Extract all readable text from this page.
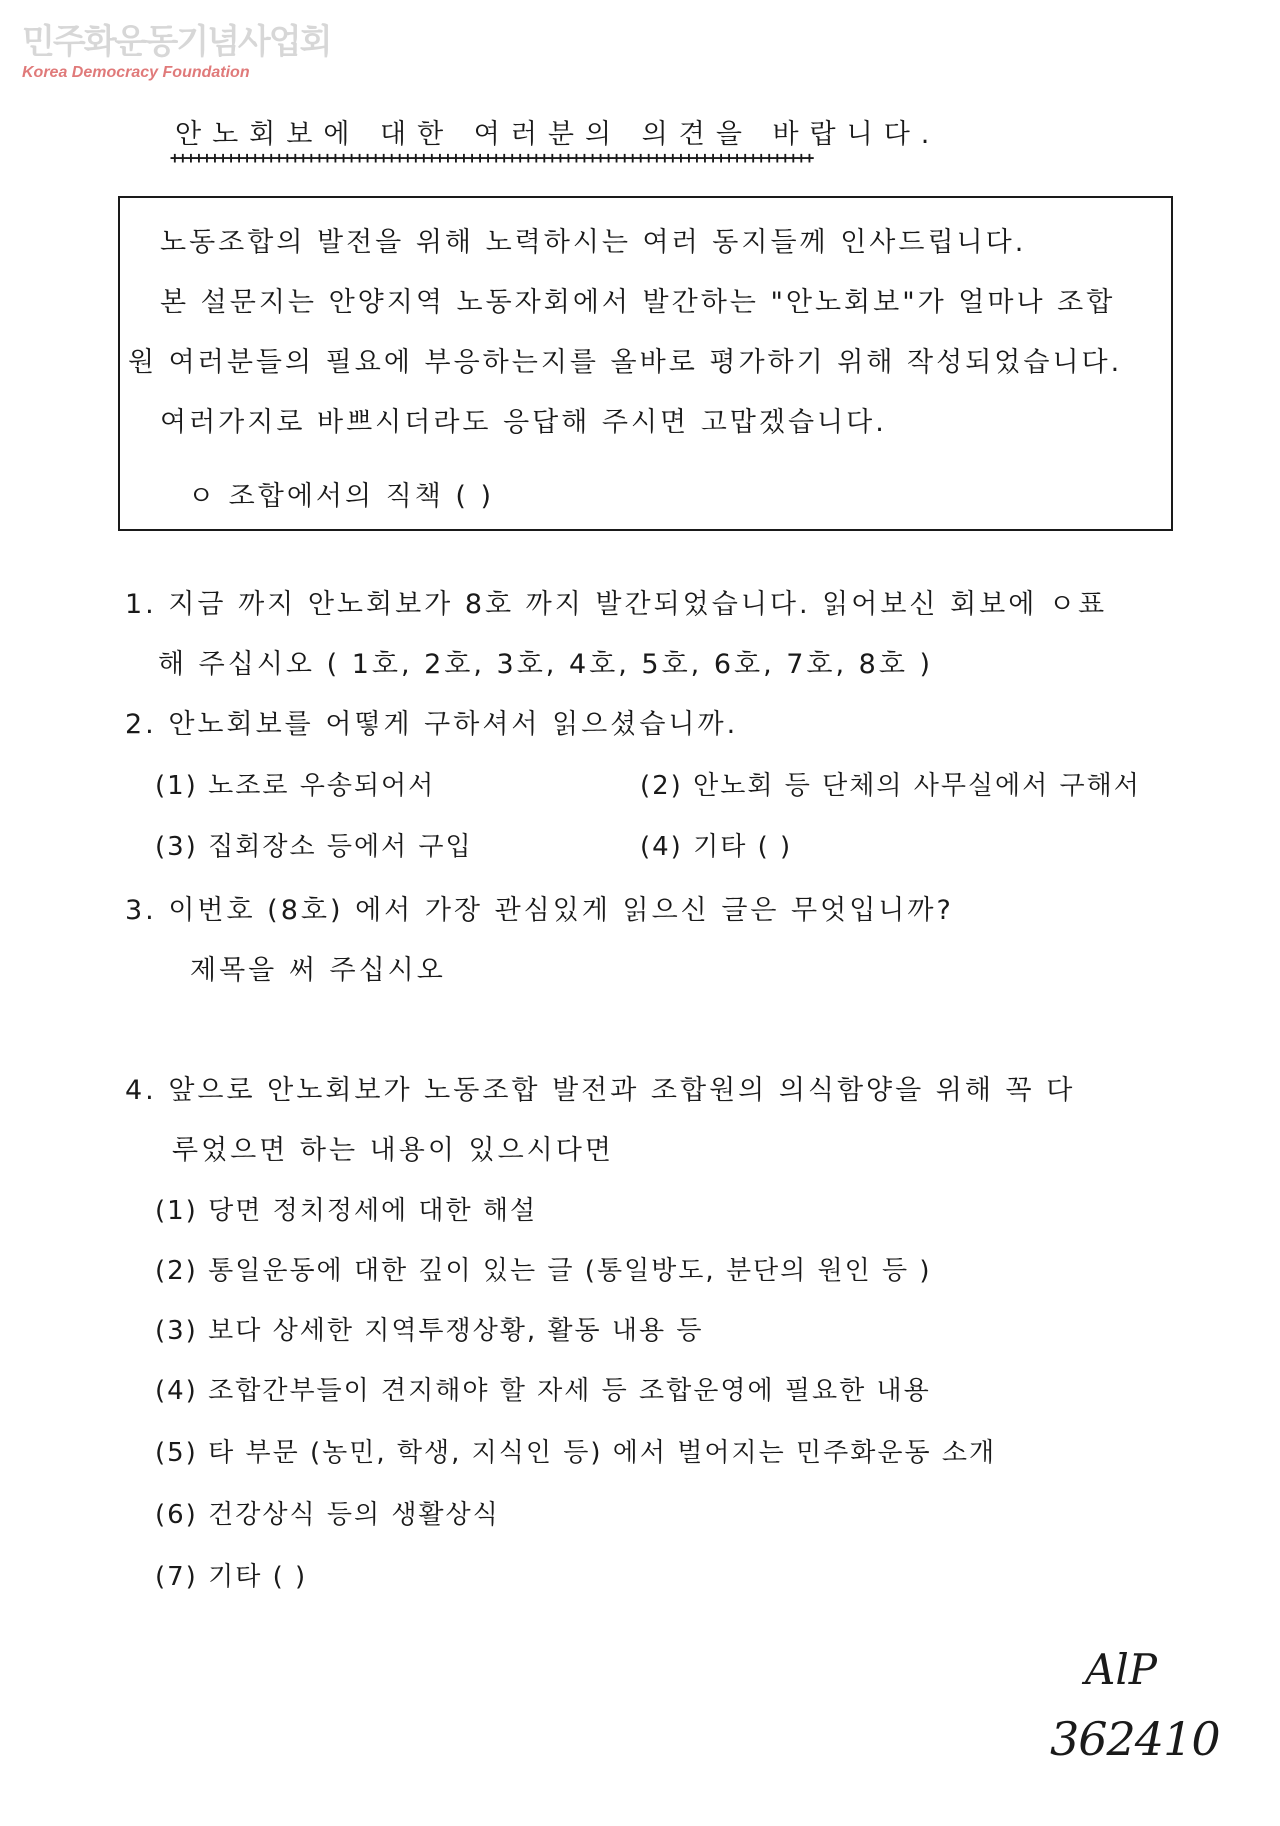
민주화운동기념사업회
Korea Democracy Foundation
안노회보에 대한 여러분의 의견을 바랍니다.
++++++++++++++++++++++++++++++++++++++++++++++++++++++++++++++++++++++++++++++++
노동조합의 발전을 위해 노력하시는 여러 동지들께 인사드립니다.
본 설문지는 안양지역 노동자회에서 발간하는 "안노회보"가 얼마나 조합
원 여러분들의 필요에 부응하는지를 올바로 평가하기 위해 작성되었습니다.
여러가지로 바쁘시더라도 응답해 주시면 고맙겠습니다.
ㅇ 조합에서의 직책 ( )
1. 지금 까지 안노회보가 8호 까지 발간되었습니다. 읽어보신 회보에 ㅇ표
해 주십시오 ( 1호, 2호, 3호, 4호, 5호, 6호, 7호, 8호 )
2. 안노회보를 어떻게 구하셔서 읽으셨습니까.
(1) 노조로 우송되어서	(2) 안노회 등 단체의 사무실에서 구해서
(3) 집회장소 등에서 구입	(4) 기타 ( )
3. 이번호 (8호) 에서 가장 관심있게 읽으신 글은 무엇입니까?
제목을 써 주십시오
4. 앞으로 안노회보가 노동조합 발전과 조합원의 의식함양을 위해 꼭 다
루었으면 하는 내용이 있으시다면
(1) 당면 정치정세에 대한 해설
(2) 통일운동에 대한 깊이 있는 글 (통일방도, 분단의 원인 등 )
(3) 보다 상세한 지역투쟁상황, 활동 내용 등
(4) 조합간부들이 견지해야 할 자세 등 조합운영에 필요한 내용
(5) 타 부문 (농민, 학생, 지식인 등) 에서 벌어지는 민주화운동 소개
(6) 건강상식 등의 생활상식
(7) 기타 ( )
AlP
362410
